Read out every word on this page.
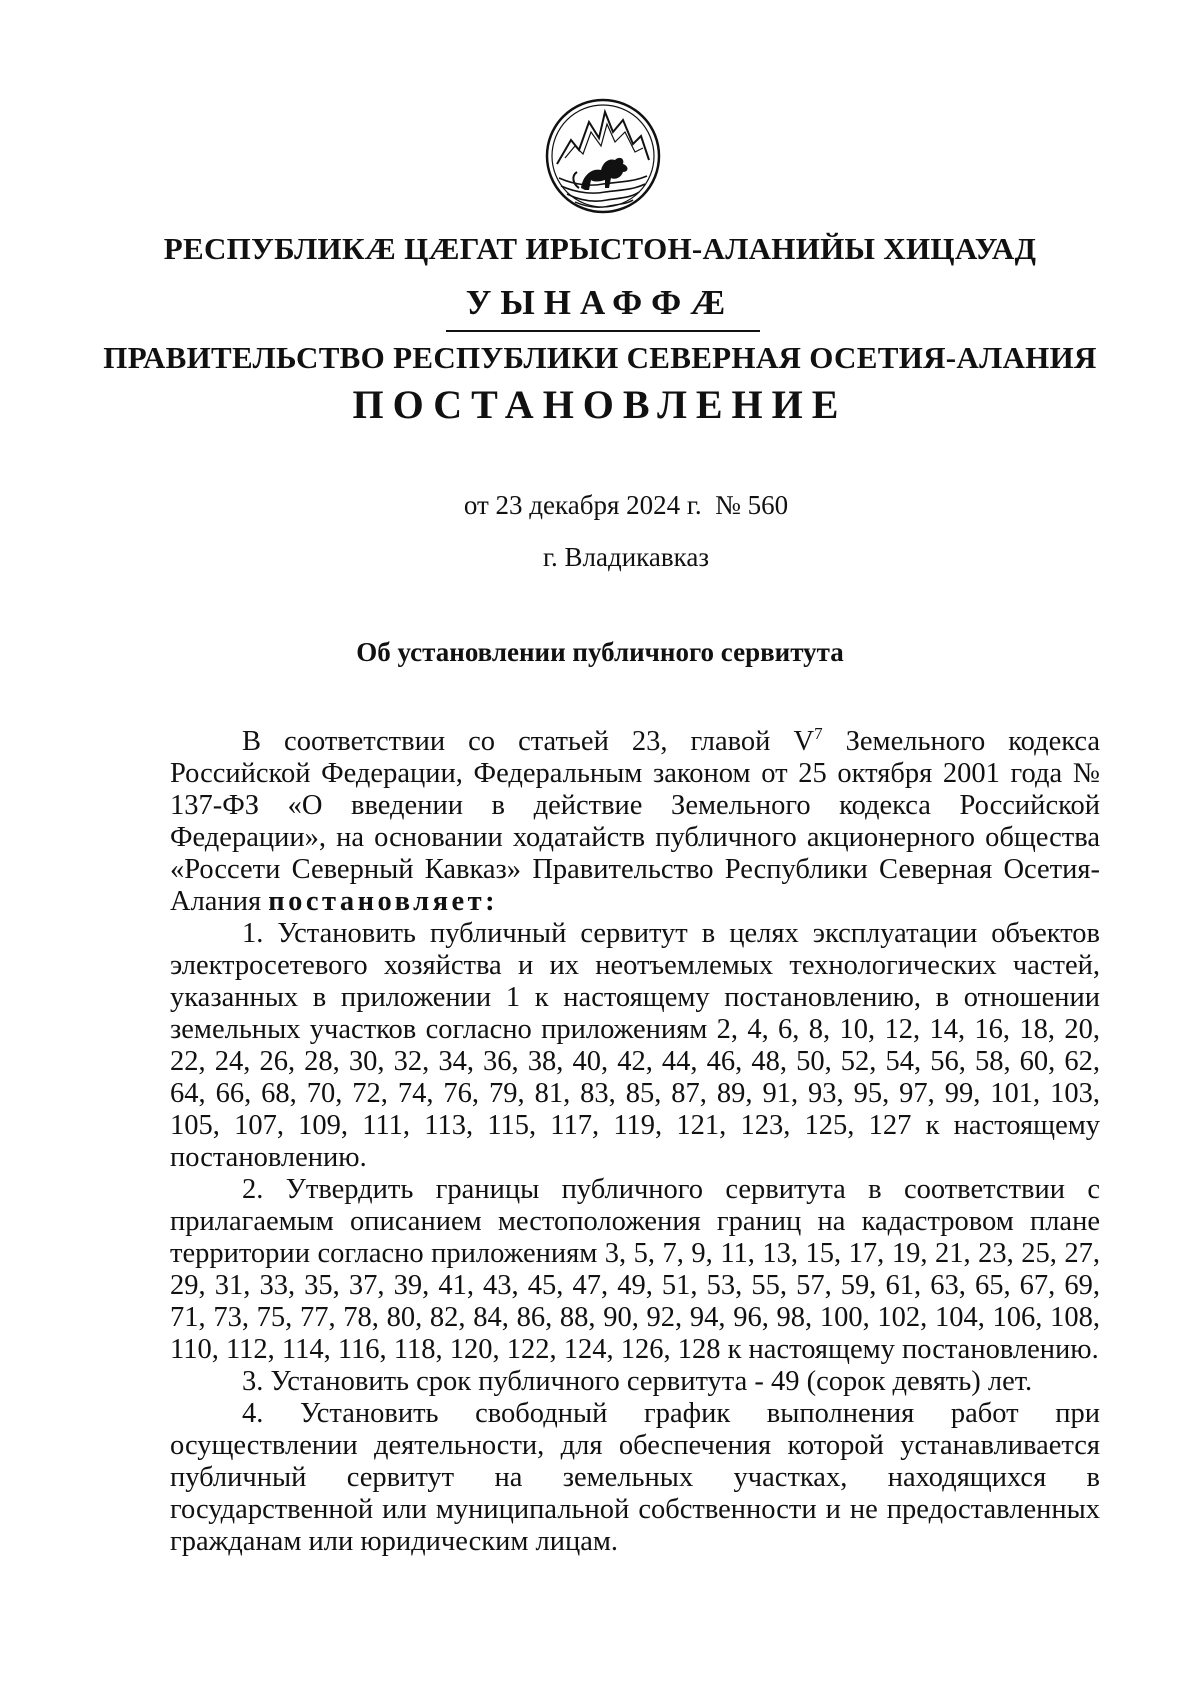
РЕСПУБЛИКӔ ЦӔГАТ ИРЫСТОН-АЛАНИЙЫ ХИЦАУАД
УЫНАФФӔ
ПРАВИТЕЛЬСТВО РЕСПУБЛИКИ СЕВЕРНАЯ ОСЕТИЯ-АЛАНИЯ
ПОСТАНОВЛЕНИЕ
от 23 декабря 2024 г.  № 560
г. Владикавказ
Об установлении публичного сервитута

В соответствии со статьей 23, главой $V^7$ Земельного кодекса Российской Федерации, Федеральным законом от 25 октября 2001 года № 137-ФЗ «О введении в действие Земельного кодекса Российской Федерации», на основании ходатайств публичного акционерного общества «Россети Северный Кавказ» Правительство Республики Северная Осетия-Алания постановляет:

1. Установить публичный сервитут в целях эксплуатации объектов электросетевого хозяйства и их неотъемлемых технологических частей, указанных в приложении 1 к настоящему постановлению, в отношении земельных участков согласно приложениям 2, 4, 6, 8, 10, 12, 14, 16, 18, 20, 22, 24, 26, 28, 30, 32, 34, 36, 38, 40, 42, 44, 46, 48, 50, 52, 54, 56, 58, 60, 62, 64, 66, 68, 70, 72, 74, 76, 79, 81, 83, 85, 87, 89, 91, 93, 95, 97, 99, 101, 103, 105, 107, 109, 111, 113, 115, 117, 119, 121, 123, 125, 127 к настоящему постановлению.

2. Утвердить границы публичного сервитута в соответствии с прилагаемым описанием местоположения границ на кадастровом плане территории согласно приложениям 3, 5, 7, 9, 11, 13, 15, 17, 19, 21, 23, 25, 27, 29, 31, 33, 35, 37, 39, 41, 43, 45, 47, 49, 51, 53, 55, 57, 59, 61, 63, 65, 67, 69, 71, 73, 75, 77, 78, 80, 82, 84, 86, 88, 90, 92, 94, 96, 98, 100, 102, 104, 106, 108, 110, 112, 114, 116, 118, 120, 122, 124, 126, 128 к настоящему постановлению.

3. Установить срок публичного сервитута - 49 (сорок девять) лет.

4. Установить свободный график выполнения работ при осуществлении деятельности, для обеспечения которой устанавливается публичный сервитут на земельных участках, находящихся в государственной или муниципальной собственности и не предоставленных гражданам или юридическим лицам.
